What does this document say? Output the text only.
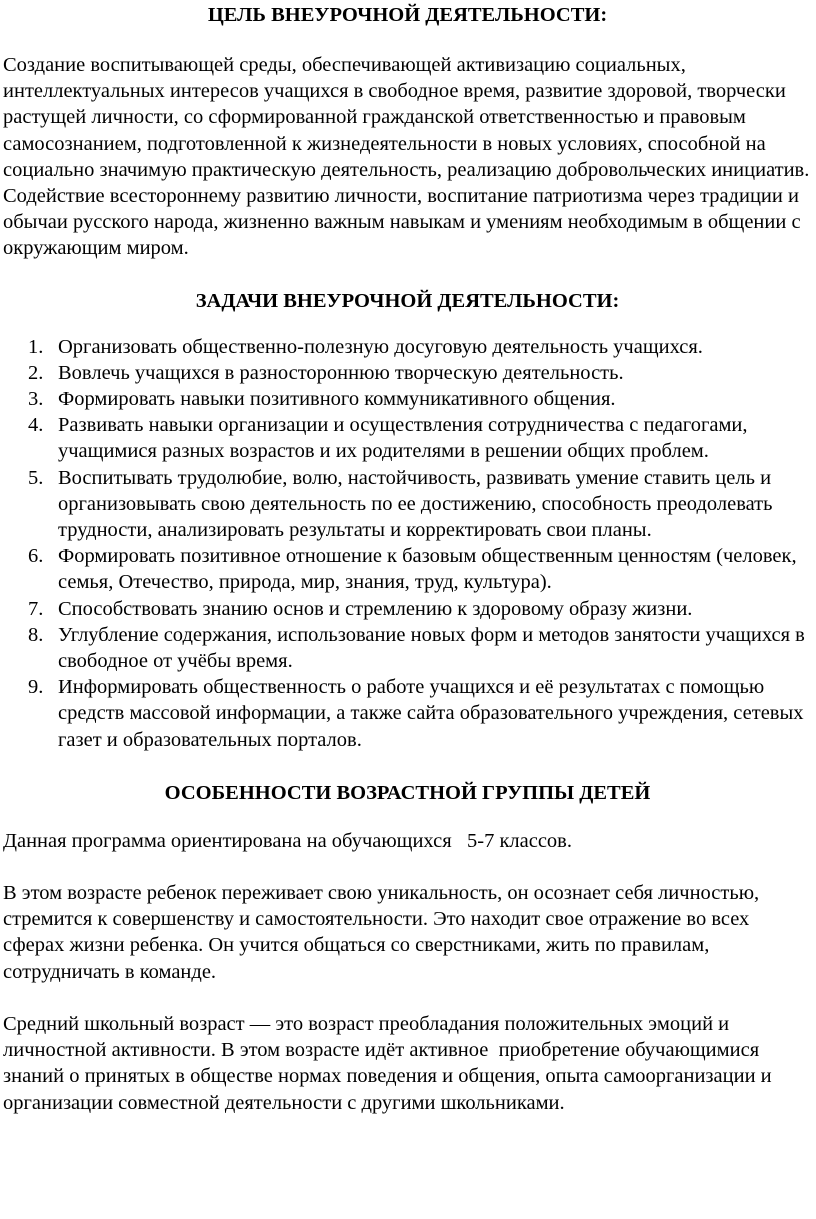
ЦЕЛЬ ВНЕУРОЧНОЙ ДЕЯТЕЛЬНОСТИ:

Создание воспитывающей среды, обеспечивающей активизацию социальных, интеллектуальных интересов учащихся в свободное время, развитие здоровой, творчески растущей личности, со сформированной гражданской ответственностью и правовым самосознанием, подготовленной к жизнедеятельности в новых условиях, способной на социально значимую практическую деятельность, реализацию добровольческих инициатив. Содействие всестороннему развитию личности, воспитание патриотизма через традиции и обычаи русского народа, жизненно важным навыкам и умениям необходимым в общении с окружающим миром.

ЗАДАЧИ ВНЕУРОЧНОЙ ДЕЯТЕЛЬНОСТИ:
1. Организовать общественно-полезную досуговую деятельность учащихся.
2. Вовлечь учащихся в разностороннюю творческую деятельность.
3. Формировать навыки позитивного коммуникативного общения.
4. Развивать навыки организации и осуществления сотрудничества с педагогами, учащимися разных возрастов и их родителями в решении общих проблем.
5. Воспитывать трудолюбие, волю, настойчивость, развивать умение ставить цель и организовывать свою деятельность по ее достижению, способность преодолевать трудности, анализировать результаты и корректировать свои планы.
6. Формировать позитивное отношение к базовым общественным ценностям (человек, семья, Отечество, природа, мир, знания, труд, культура).
7. Способствовать знанию основ и стремлению к здоровому образу жизни.
8. Углубление содержания, использование новых форм и методов занятости учащихся в свободное от учёбы время.
9. Информировать общественность о работе учащихся и её результатах с помощью средств массовой информации, а также сайта образовательного учреждения, сетевых газет и образовательных порталов.
ОСОБЕННОСТИ ВОЗРАСТНОЙ ГРУППЫ ДЕТЕЙ

Данная программа ориентирована на обучающихся   5-7 классов.

В этом возрасте ребенок переживает свою уникальность, он осознает себя личностью, стремится к совершенству и самостоятельности. Это находит свое отражение во всех сферах жизни ребенка. Он учится общаться со сверстниками, жить по правилам, сотрудничать в команде.

Средний школьный возраст — это возраст преобладания положительных эмоций и личностной активности. В этом возрасте идёт активное  приобретение обучающимися знаний о принятых в обществе нормах поведения и общения, опыта самоорганизации и организации совместной деятельности с другими школьниками.
